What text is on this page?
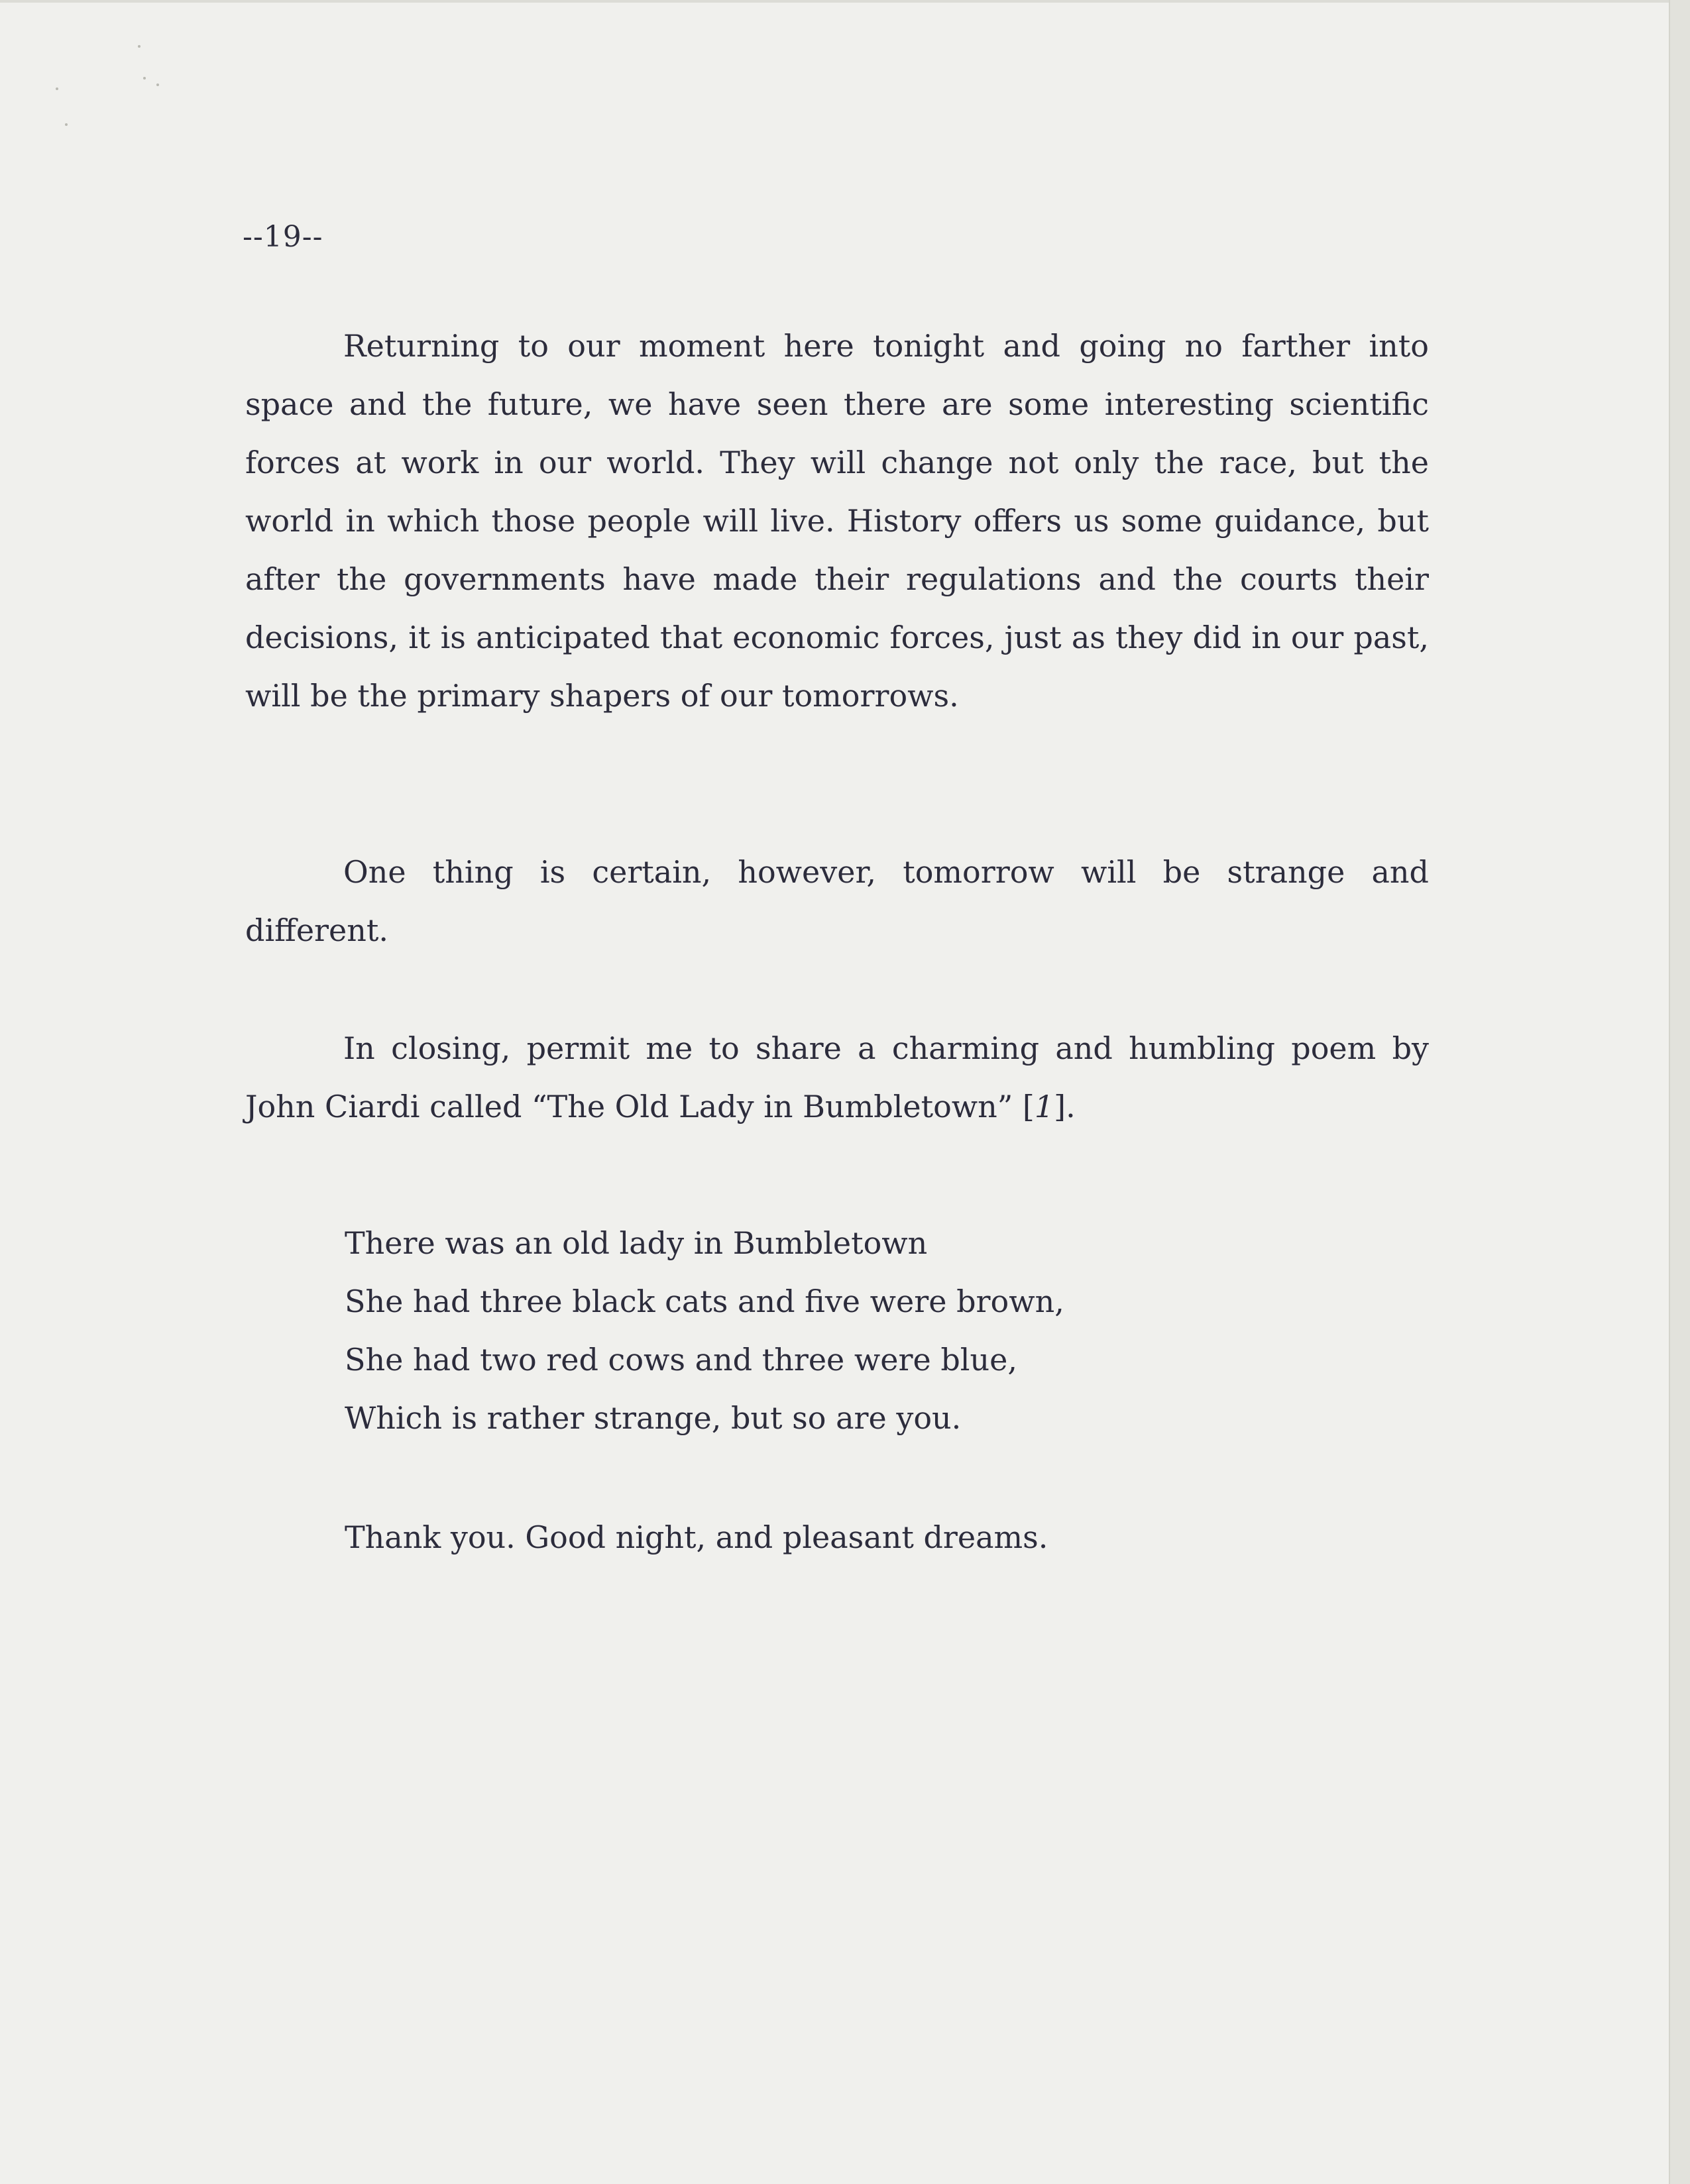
--19--

Returning to our moment here tonight and going no farther into space and the future, we have seen there are some interesting scientific forces at work in our world. They will change not only the race, but the world in which those people will live. History offers us some guidance, but after the governments have made their regulations and the courts their decisions, it is anticipated that economic forces, just as they did in our past, will be the primary shapers of our tomorrows.

One thing is certain, however, tomorrow will be strange and different.

In closing, permit me to share a charming and humbling poem by John Ciardi called “The Old Lady in Bumbletown” [1].

There was an old lady in Bumbletown
She had three black cats and five were brown,
She had two red cows and three were blue,
Which is rather strange, but so are you.
Thank you. Good night, and pleasant dreams.
